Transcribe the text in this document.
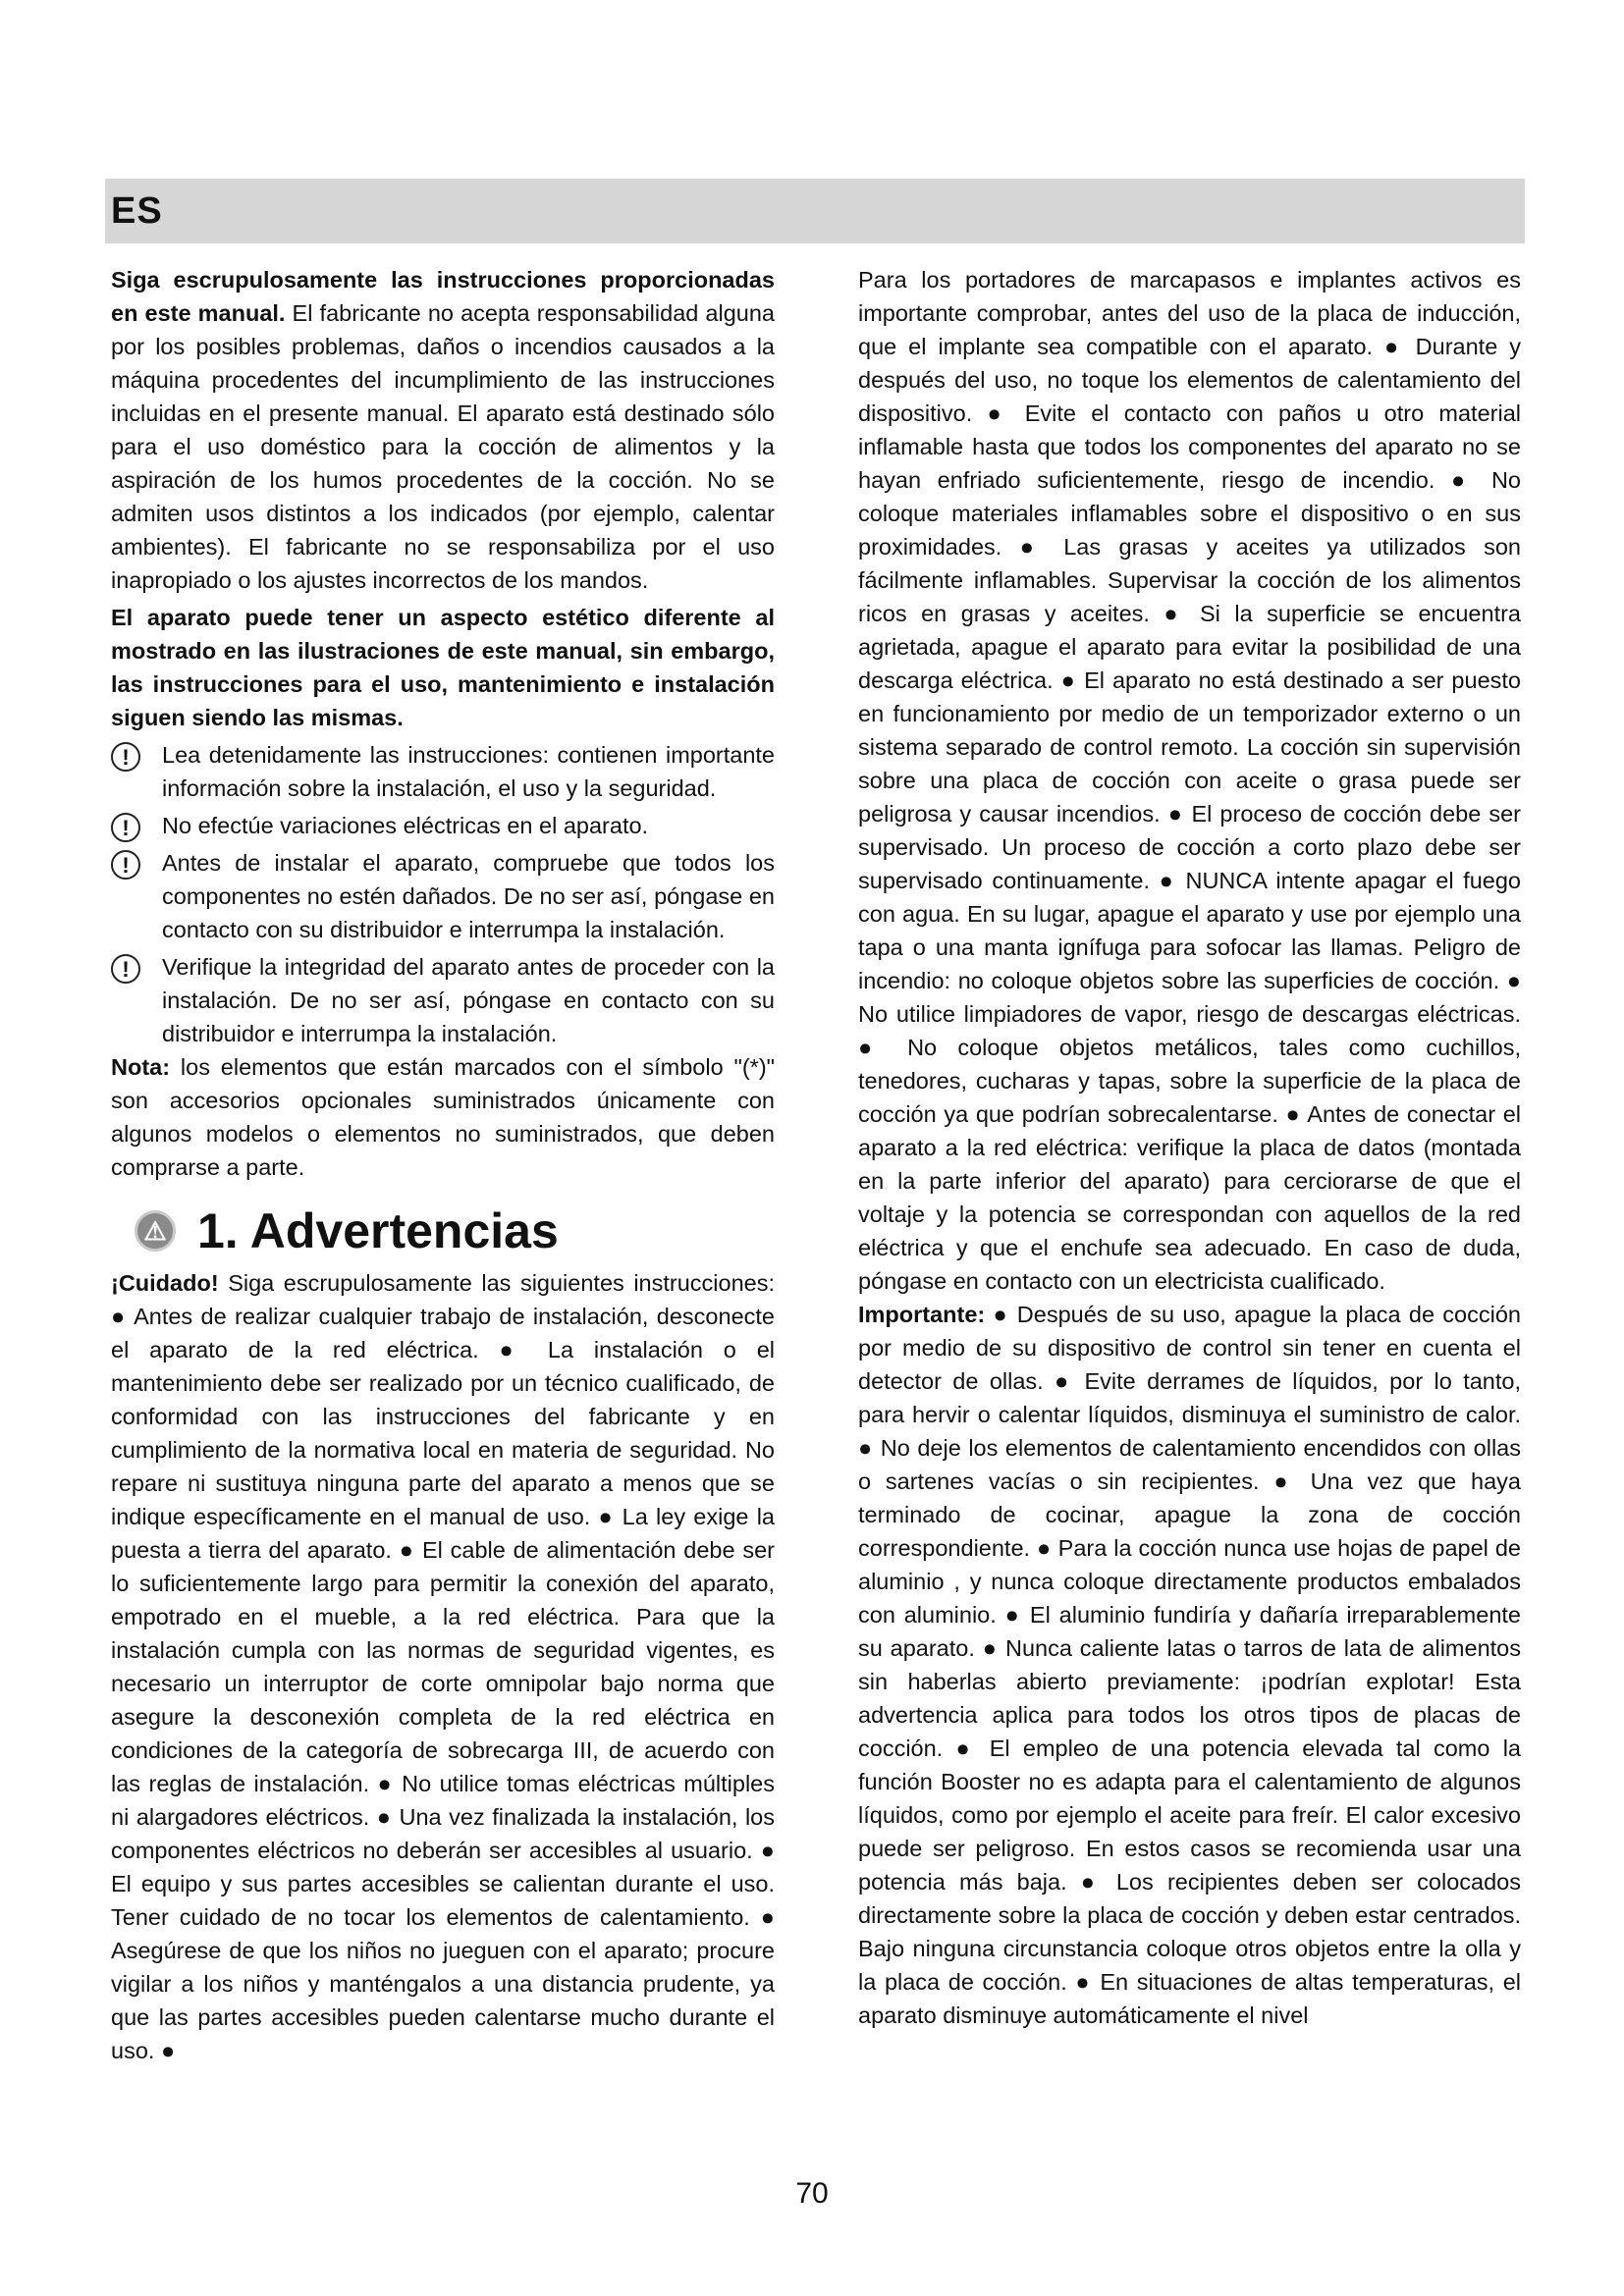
ES

Siga escrupulosamente las instrucciones proporcionadas en este manual. El fabricante no acepta responsabilidad alguna por los posibles problemas, daños o incendios causados a la máquina procedentes del incumplimiento de las instrucciones incluidas en el presente manual. El aparato está destinado sólo para el uso doméstico para la cocción de alimentos y la aspiración de los humos procedentes de la cocción. No se admiten usos distintos a los indicados (por ejemplo, calentar ambientes). El fabricante no se responsabiliza por el uso inapropiado o los ajustes incorrectos de los mandos.

El aparato puede tener un aspecto estético diferente al mostrado en las ilustraciones de este manual, sin embargo, las instrucciones para el uso, mantenimiento e instalación siguen siendo las mismas.

!	Lea detenidamente las instrucciones: contienen importante información sobre la instalación, el uso y la seguridad.
!	No efectúe variaciones eléctricas en el aparato.
!	Antes de instalar el aparato, compruebe que todos los componentes no estén dañados. De no ser así, póngase en contacto con su distribuidor e interrumpa la instalación.
!	Verifique la integridad del aparato antes de proceder con la instalación. De no ser así, póngase en contacto con su distribuidor e interrumpa la instalación.

Nota: los elementos que están marcados con el símbolo "(*)" son accesorios opcionales suministrados únicamente con algunos modelos o elementos no suministrados, que deben comprarse a parte.

⚠ 1. Advertencias

¡Cuidado! Siga escrupulosamente las siguientes instrucciones: ● Antes de realizar cualquier trabajo de instalación, desconecte el aparato de la red eléctrica. ● La instalación o el mantenimiento debe ser realizado por un técnico cualificado, de conformidad con las instrucciones del fabricante y en cumplimiento de la normativa local en materia de seguridad. No repare ni sustituya ninguna parte del aparato a menos que se indique específicamente en el manual de uso. ● La ley exige la puesta a tierra del aparato. ● El cable de alimentación debe ser lo suficientemente largo para permitir la conexión del aparato, empotrado en el mueble, a la red eléctrica. Para que la instalación cumpla con las normas de seguridad vigentes, es necesario un interruptor de corte omnipolar bajo norma que asegure la desconexión completa de la red eléctrica en condiciones de la categoría de sobrecarga III, de acuerdo con las reglas de instalación. ● No utilice tomas eléctricas múltiples ni alargadores eléctricos. ● Una vez finalizada la instalación, los componentes eléctricos no deberán ser accesibles al usuario. ● El equipo y sus partes accesibles se calientan durante el uso. Tener cuidado de no tocar los elementos de calentamiento. ● Asegúrese de que los niños no jueguen con el aparato; procure vigilar a los niños y manténgalos a una distancia prudente, ya que las partes accesibles pueden calentarse mucho durante el uso. ●

Para los portadores de marcapasos e implantes activos es importante comprobar, antes del uso de la placa de inducción, que el implante sea compatible con el aparato. ● Durante y después del uso, no toque los elementos de calentamiento del dispositivo. ● Evite el contacto con paños u otro material inflamable hasta que todos los componentes del aparato no se hayan enfriado suficientemente, riesgo de incendio. ● No coloque materiales inflamables sobre el dispositivo o en sus proximidades. ● Las grasas y aceites ya utilizados son fácilmente inflamables. Supervisar la cocción de los alimentos ricos en grasas y aceites. ● Si la superficie se encuentra agrietada, apague el aparato para evitar la posibilidad de una descarga eléctrica. ● El aparato no está destinado a ser puesto en funcionamiento por medio de un temporizador externo o un sistema separado de control remoto. La cocción sin supervisión sobre una placa de cocción con aceite o grasa puede ser peligrosa y causar incendios. ● El proceso de cocción debe ser supervisado. Un proceso de cocción a corto plazo debe ser supervisado continuamente. ● NUNCA intente apagar el fuego con agua. En su lugar, apague el aparato y use por ejemplo una tapa o una manta ignífuga para sofocar las llamas. Peligro de incendio: no coloque objetos sobre las superficies de cocción. ● No utilice limpiadores de vapor, riesgo de descargas eléctricas. ● No coloque objetos metálicos, tales como cuchillos, tenedores, cucharas y tapas, sobre la superficie de la placa de cocción ya que podrían sobrecalentarse. ● Antes de conectar el aparato a la red eléctrica: verifique la placa de datos (montada en la parte inferior del aparato) para cerciorarse de que el voltaje y la potencia se correspondan con aquellos de la red eléctrica y que el enchufe sea adecuado. En caso de duda, póngase en contacto con un electricista cualificado.

Importante: ● Después de su uso, apague la placa de cocción por medio de su dispositivo de control sin tener en cuenta el detector de ollas. ● Evite derrames de líquidos, por lo tanto, para hervir o calentar líquidos, disminuya el suministro de calor. ● No deje los elementos de calentamiento encendidos con ollas o sartenes vacías o sin recipientes. ● Una vez que haya terminado de cocinar, apague la zona de cocción correspondiente. ● Para la cocción nunca use hojas de papel de aluminio , y nunca coloque directamente productos embalados con aluminio. ● El aluminio fundiría y dañaría irreparablemente su aparato. ● Nunca caliente latas o tarros de lata de alimentos sin haberlas abierto previamente: ¡podrían explotar! Esta advertencia aplica para todos los otros tipos de placas de cocción. ● El empleo de una potencia elevada tal como la función Booster no es adapta para el calentamiento de algunos líquidos, como por ejemplo el aceite para freír. El calor excesivo puede ser peligroso. En estos casos se recomienda usar una potencia más baja. ● Los recipientes deben ser colocados directamente sobre la placa de cocción y deben estar centrados. Bajo ninguna circunstancia coloque otros objetos entre la olla y la placa de cocción. ● En situaciones de altas temperaturas, el aparato disminuye automáticamente el nivel

70
